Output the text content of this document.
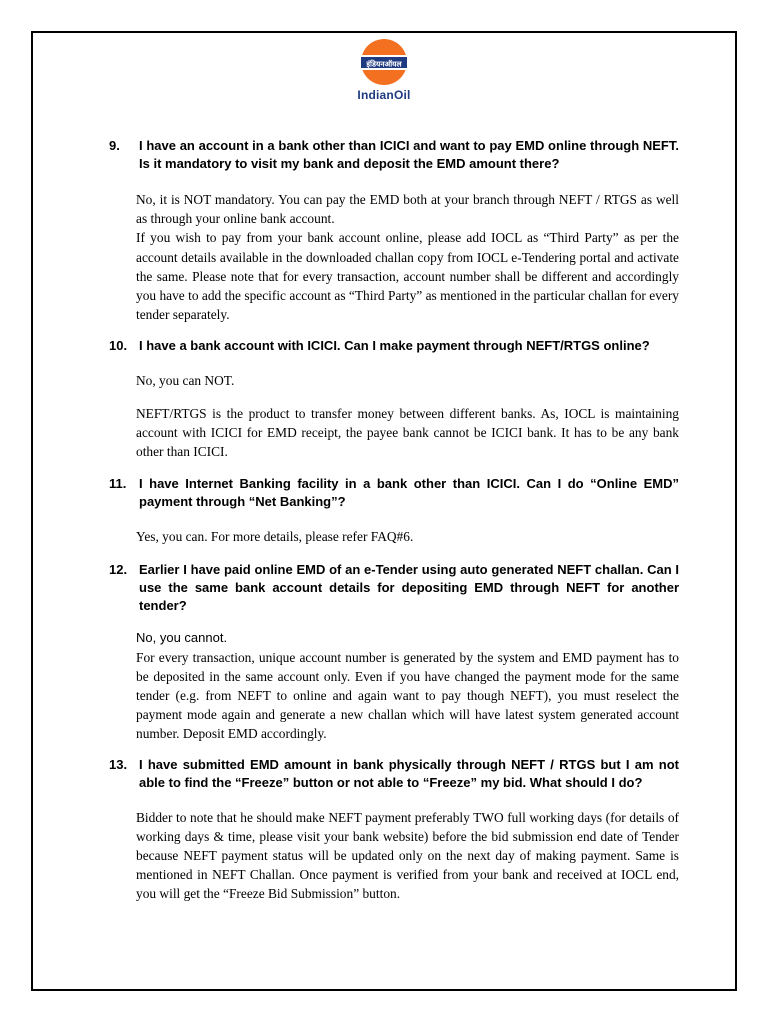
इंडियनऑयल
IndianOil
9.	I have an account in a bank other than ICICI and want to pay EMD online through NEFT. Is it mandatory to visit my bank and deposit the EMD amount there?

No, it is NOT mandatory. You can pay the EMD both at your branch through NEFT / RTGS as well as through your online bank account.

If you wish to pay from your bank account online, please add IOCL as “Third Party” as per the account details available in the downloaded challan copy from IOCL e-Tendering portal and activate the same. Please note that for every transaction, account number shall be different and accordingly you have to add the specific account as “Third Party” as mentioned in the particular challan for every tender separately.

10. I have a bank account with ICICI. Can I make payment through NEFT/RTGS online?

No, you can NOT.

NEFT/RTGS is the product to transfer money between different banks. As, IOCL is maintaining account with ICICI for EMD receipt, the payee bank cannot be ICICI bank. It has to be any bank other than ICICI.

11. I have Internet Banking facility in a bank other than ICICI. Can I do “Online EMD” payment through “Net Banking”?

Yes, you can. For more details, please refer FAQ#6.

12. Earlier I have paid online EMD of an e-Tender using auto generated NEFT challan. Can I use the same bank account details for depositing EMD through NEFT for another tender?

No, you cannot.

For every transaction, unique account number is generated by the system and EMD payment has to be deposited in the same account only. Even if you have changed the payment mode for the same tender (e.g. from NEFT to online and again want to pay though NEFT), you must reselect the payment mode again and generate a new challan which will have latest system generated account number. Deposit EMD accordingly.

13. I have submitted EMD amount in bank physically through NEFT / RTGS but I am not able to find the “Freeze” button or not able to “Freeze” my bid. What should I do?

Bidder to note that he should make NEFT payment preferably TWO full working days (for details of working days & time, please visit your bank website) before the bid submission end date of Tender because NEFT payment status will be updated only on the next day of making payment. Same is mentioned in NEFT Challan. Once payment is verified from your bank and received at IOCL end, you will get the “Freeze Bid Submission” button.
